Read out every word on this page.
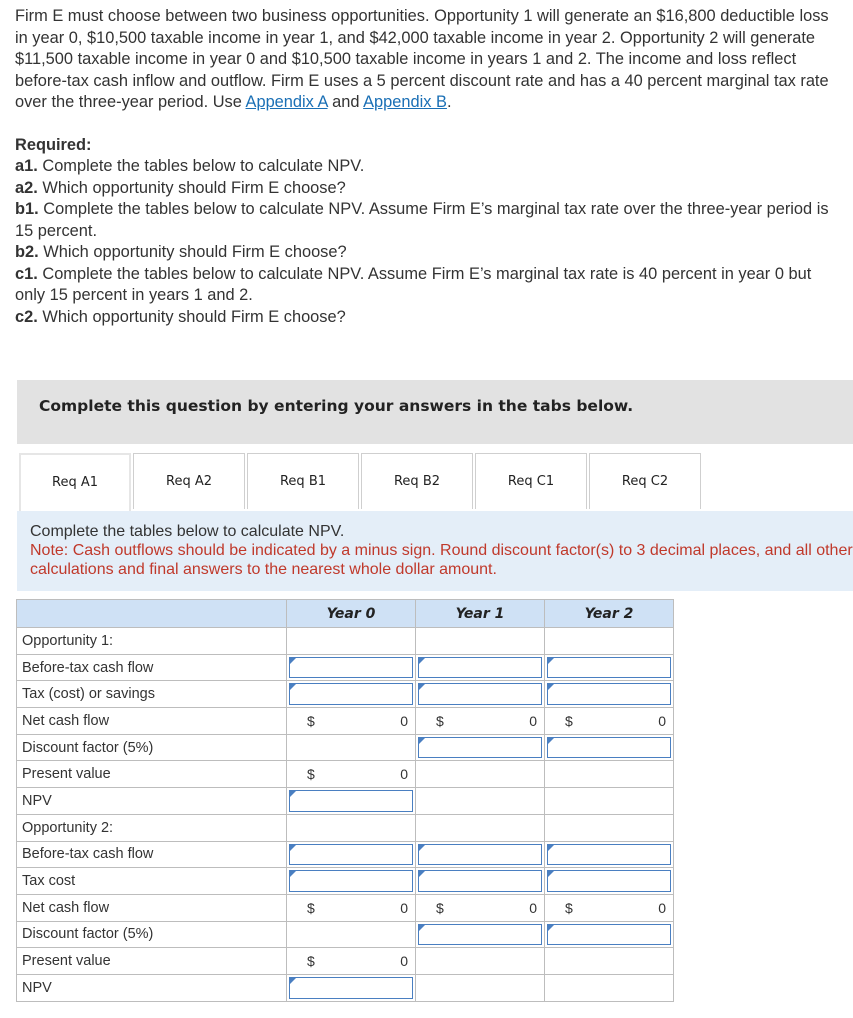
Firm E must choose between two business opportunities. Opportunity 1 will generate an $16,800 deductible loss in year 0, $10,500 taxable income in year 1, and $42,000 taxable income in year 2. Opportunity 2 will generate $11,500 taxable income in year 0 and $10,500 taxable income in years 1 and 2. The income and loss reflect before-tax cash inflow and outflow. Firm E uses a 5 percent discount rate and has a 40 percent marginal tax rate over the three-year period. Use Appendix A and Appendix B.

Required:

a1. Complete the tables below to calculate NPV.

a2. Which opportunity should Firm E choose?

b1. Complete the tables below to calculate NPV. Assume Firm E’s marginal tax rate over the three-year period is 15 percent.

b2. Which opportunity should Firm E choose?

c1. Complete the tables below to calculate NPV. Assume Firm E’s marginal tax rate is 40 percent in year 0 but only 15 percent in years 1 and 2.

c2. Which opportunity should Firm E choose?

Complete this question by entering your answers in the tabs below.
Req A1	Req A2	Req B1	Req B2	Req C1	Req C2
Complete the tables below to calculate NPV.
Note: Cash outflows should be indicated by a minus sign. Round discount factor(s) to 3 decimal places, and all other
calculations and final answers to the nearest whole dollar amount.
	Year 0	Year 1	Year 2
Opportunity 1:			
Before-tax cash flow	

Tax (cost) or savings	

Net cash flow	$ 0	$ 0	$ 0

Discount factor (5%)		

Present value	$ 0		

NPV	

Opportunity 2:			
Before-tax cash flow	

Tax cost	

Net cash flow	$ 0	$ 0	$ 0

Discount factor (5%)		

Present value	$ 0		

NPV	
